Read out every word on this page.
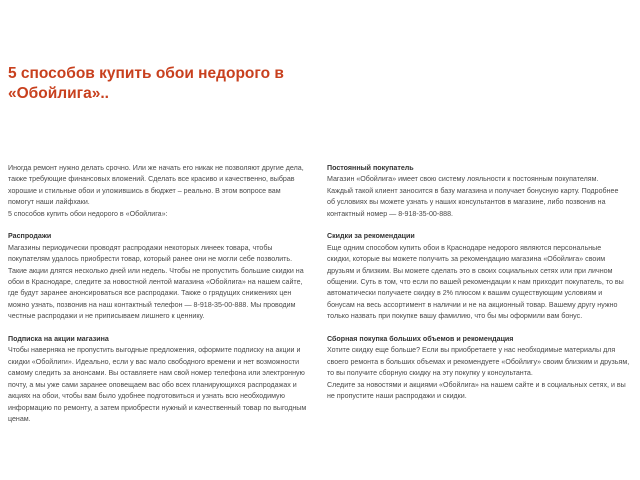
5 способов купить обои недорого в
«Обойлига»..

Иногда ремонт нужно делать срочно. Или же начать его никак не позволяют другие дела,

также требующие финансовых вложений. Сделать все красиво и качественно, выбрав

хорошие и стильные обои и уложившись в бюджет – реально. В этом вопросе вам

помогут наши лайфхаки.

5 способов купить обои недорого в «Обойлига»:

Распродажи

Магазины периодически проводят распродажи некоторых линеек товара, чтобы

покупателям удалось приобрести товар, который ранее они не могли себе позволить.

Такие акции длятся несколько дней или недель. Чтобы не пропустить большие скидки на

обои в Краснодаре, следите за новостной лентой магазина «Обойлига» на нашем сайте,

где будут заранее анонсироваться все распродажи. Также о грядущих снижениях цен

можно узнать, позвонив на наш контактный телефон — 8-918-35-00-888. Мы проводим

честные распродажи и не приписываем лишнего к ценнику.

Подписка на акции магазина

Чтобы наверняка не пропустить выгодные предложения, оформите подписку на акции и

скидки «Обойлиги». Идеально, если у вас мало свободного времени и нет возможности

самому следить за анонсами. Вы оставляете нам свой номер телефона или электронную

почту, а мы уже сами заранее оповещаем вас обо всех планирующихся распродажах и

акциях на обои, чтобы вам было удобнее подготовиться и узнать всю необходимую

информацию по ремонту, а затем приобрести нужный и качественный товар по выгодным

ценам.

Постоянный покупатель

Магазин «Обойлига» имеет свою систему лояльности к постоянным покупателям.

Каждый такой клиент заносится в базу магазина и получает бонусную карту. Подробнее

об условиях вы можете узнать у наших консультантов в магазине, либо позвонив на

контактный номер — 8-918-35-00-888.

Скидки за рекомендации

Еще одним способом купить обои в Краснодаре недорого являются персональные

скидки, которые вы можете получить за рекомендацию магазина «Обойлига» своим

друзьям и близким. Вы можете сделать это в своих социальных сетях или при личном

общении. Суть в том, что если по вашей рекомендации к нам приходит покупатель, то вы

автоматически получаете скидку в 2% плюсом к вашим существующим условиям и

бонусам на весь ассортимент в наличии и не на акционный товар. Вашему другу нужно

только назвать при покупке вашу фамилию, что бы мы оформили вам бонус.

Сборная покупка больших объемов и рекомендация

Хотите скидку еще больше? Если вы приобретаете у нас необходимые материалы для

своего ремонта в больших объемах и рекомендуете «Обойлигу» своим близким и друзьям,

то вы получите сборную скидку на эту покупку у консультанта.

Следите за новостями и акциями «Обойлига» на нашем сайте и в социальных сетях, и вы

не пропустите наши распродажи и скидки.
